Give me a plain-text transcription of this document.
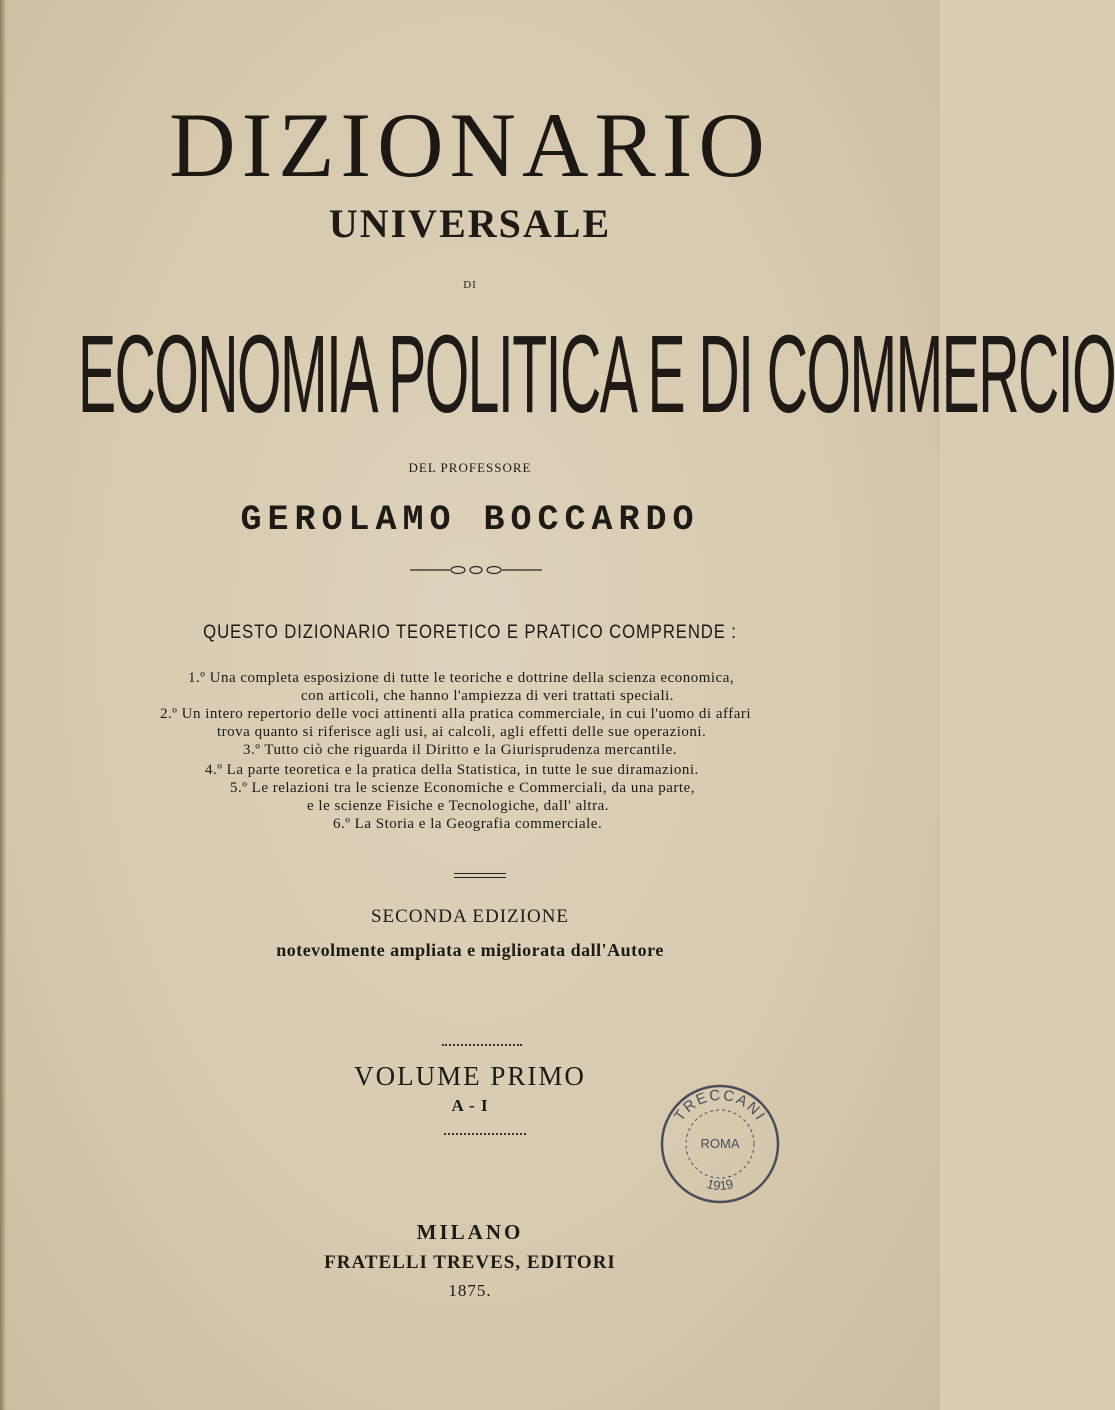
DIZIONARIO
UNIVERSALE
DI
ECONOMIA POLITICA E DI COMMERCIO
DEL PROFESSORE
GEROLAMO BOCCARDO
QUESTO DIZIONARIO TEORETICO E PRATICO COMPRENDE :
1.º Una completa esposizione di tutte le teoriche e dottrine della scienza economica,
con articoli, che hanno l'ampiezza di veri trattati speciali.
2.º Un intero repertorio delle voci attinenti alla pratica commerciale, in cui l'uomo di affari
trova quanto si riferisce agli usi, ai calcoli, agli effetti delle sue operazioni.
3.º Tutto ciò che riguarda il Diritto e la Giurisprudenza mercantile.
4.º La parte teoretica e la pratica della Statistica, in tutte le sue diramazioni.
5.º Le relazioni tra le scienze Economiche e Commerciali, da una parte,
e le scienze Fisiche e Tecnologiche, dall' altra.
6.º La Storia e la Geografia commerciale.
SECONDA EDIZIONE
notevolmente ampliata e migliorata dall'Autore
VOLUME PRIMO
A - I	TRECCANI
ROMA
1919
MILANO
FRATELLI TREVES, EDITORI
1875.
